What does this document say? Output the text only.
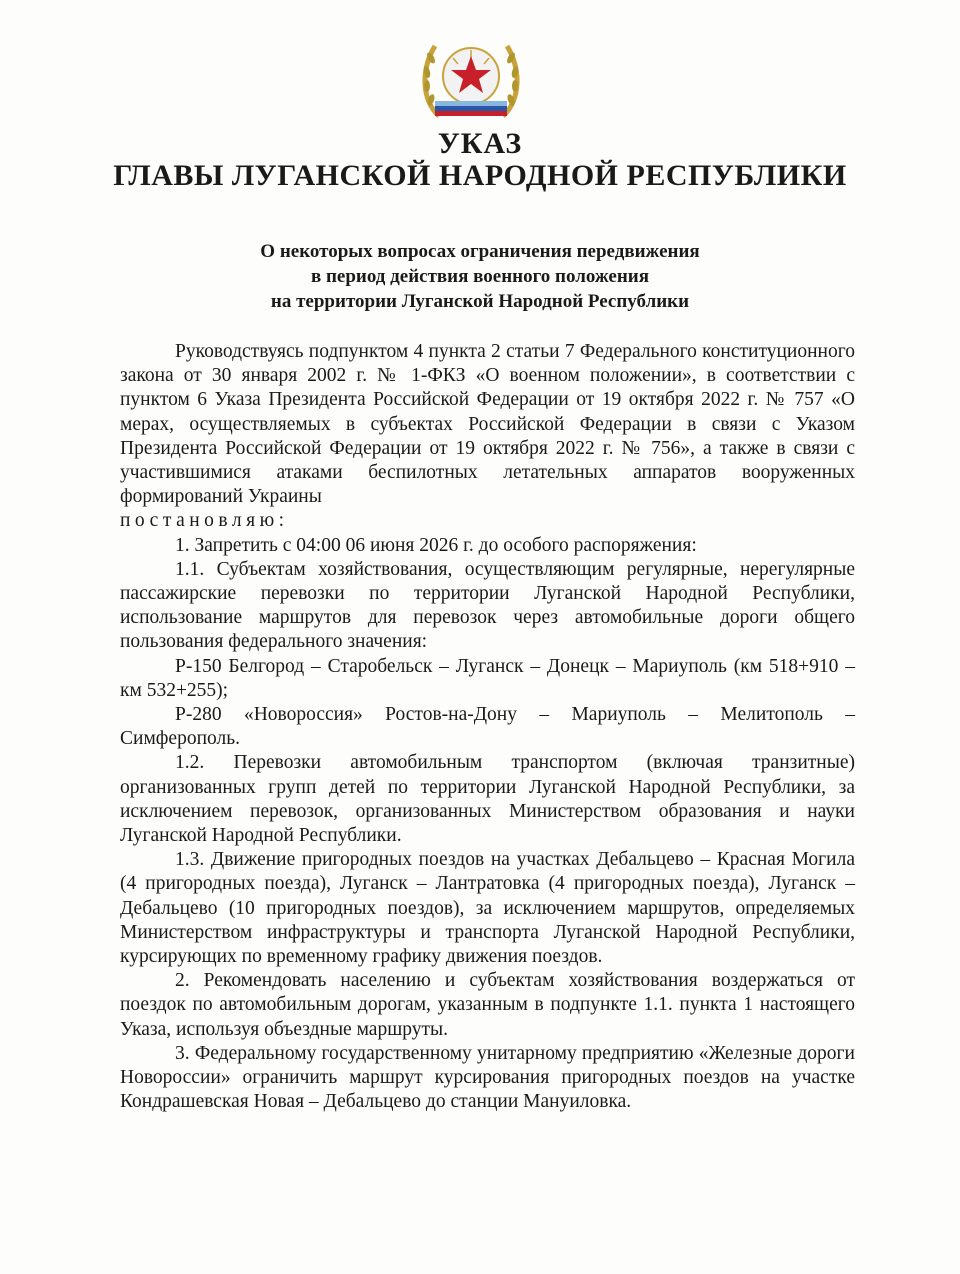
УКАЗ
ГЛАВЫ ЛУГАНСКОЙ НАРОДНОЙ РЕСПУБЛИКИ
О некоторых вопросах ограничения передвижения
в период действия военного положения
на территории Луганской Народной Республики

Руководствуясь подпунктом 4 пункта 2 статьи 7 Федерального конституционного закона от 30 января 2002 г. № 1-ФКЗ «О военном положении», в соответствии с пунктом 6 Указа Президента Российской Федерации от 19 октября 2022 г. № 757 «О мерах, осуществляемых в субъектах Российской Федерации в связи с Указом Президента Российской Федерации от 19 октября 2022 г. № 756», а также в связи с участившимися атаками беспилотных летательных аппаратов вооруженных формирований Украины

постановляю:

1. Запретить с 04:00 06 июня 2026 г. до особого распоряжения:

1.1. Субъектам хозяйствования, осуществляющим регулярные, нерегулярные пассажирские перевозки по территории Луганской Народной Республики, использование маршрутов для перевозок через автомобильные дороги общего пользования федерального значения:

Р-150 Белгород – Старобельск – Луганск – Донецк – Мариуполь (км 518+910 – км 532+255);

Р-280 «Новороссия» Ростов-на-Дону – Мариуполь – Мелитополь – Симферополь.

1.2. Перевозки автомобильным транспортом (включая транзитные) организованных групп детей по территории Луганской Народной Республики, за исключением перевозок, организованных Министерством образования и науки Луганской Народной Республики.

1.3. Движение пригородных поездов на участках Дебальцево – Красная Могила (4 пригородных поезда), Луганск – Лантратовка (4 пригородных поезда), Луганск – Дебальцево (10 пригородных поездов), за исключением маршрутов, определяемых Министерством инфраструктуры и транспорта Луганской Народной Республики, курсирующих по временному графику движения поездов.

2. Рекомендовать населению и субъектам хозяйствования воздержаться от поездок по автомобильным дорогам, указанным в подпункте 1.1. пункта 1 настоящего Указа, используя объездные маршруты.

3. Федеральному государственному унитарному предприятию «Железные дороги Новороссии» ограничить маршрут курсирования пригородных поездов на участке Кондрашевская Новая – Дебальцево до станции Мануиловка.
